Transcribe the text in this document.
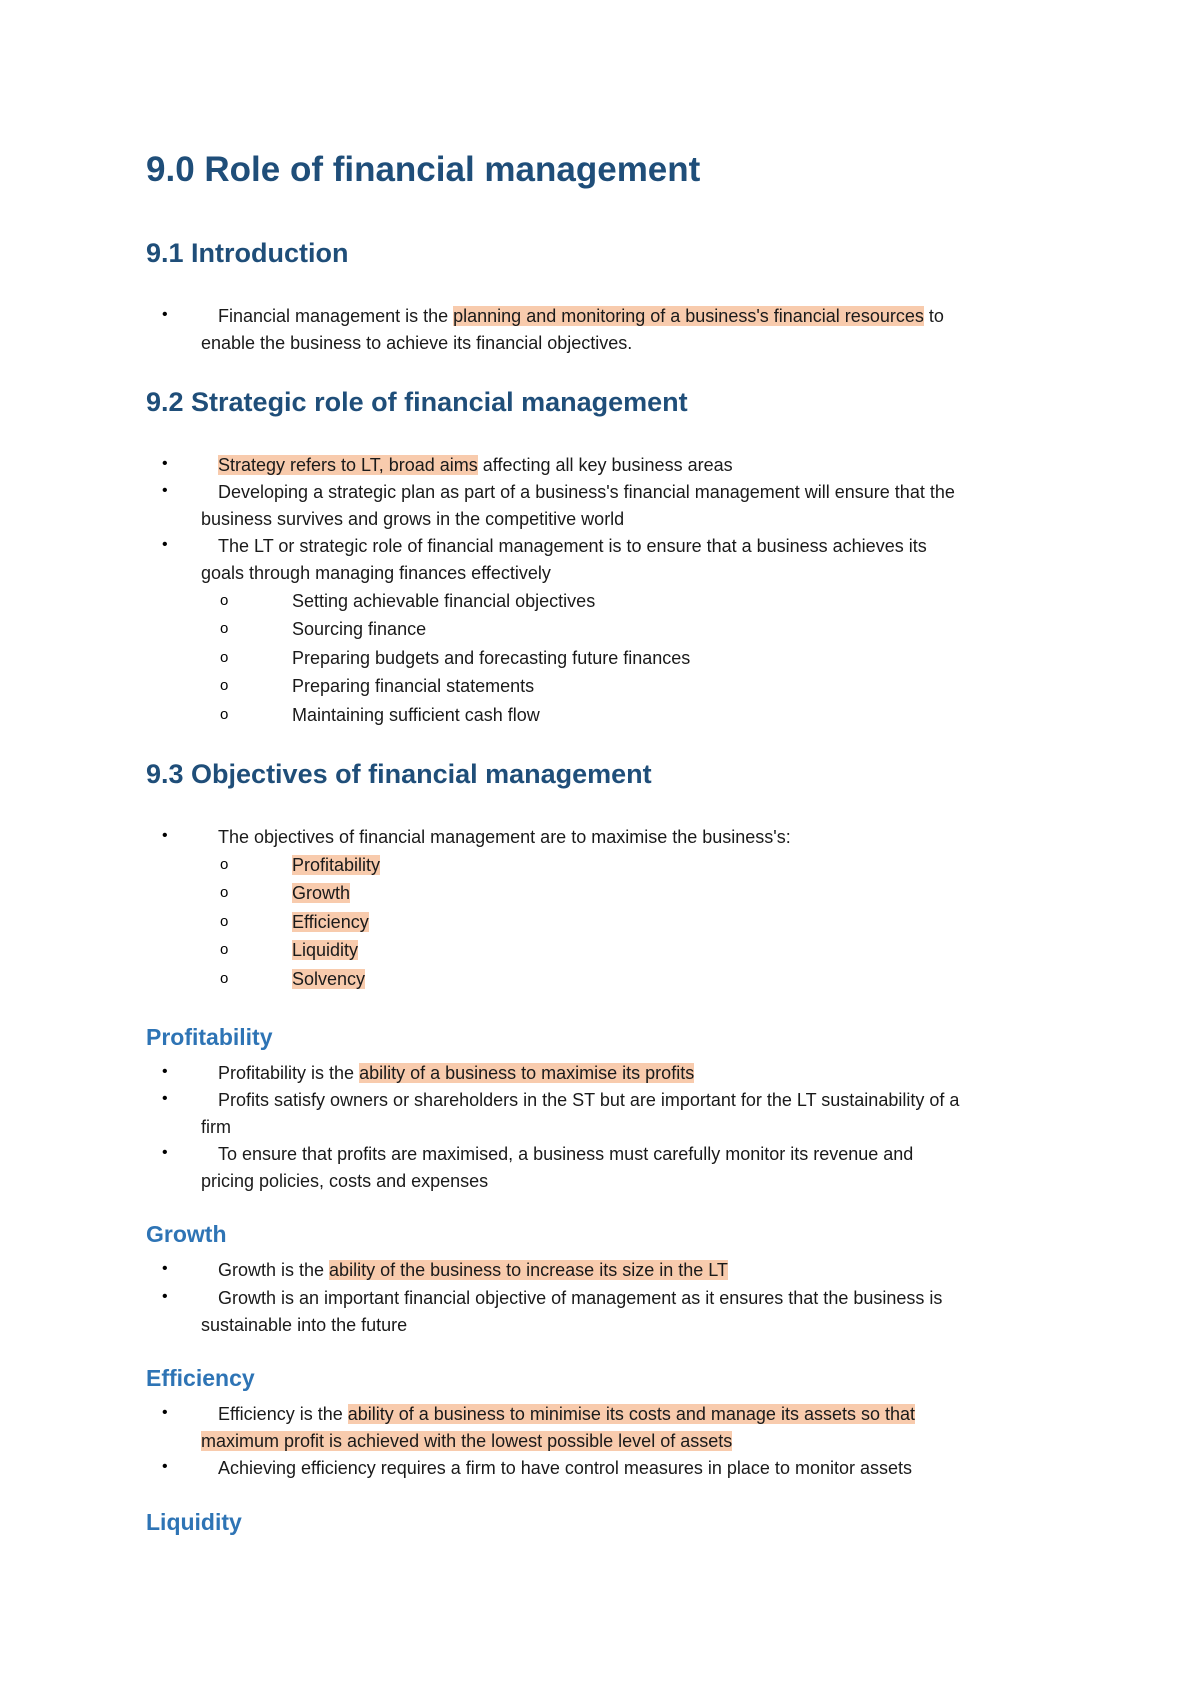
9.0 Role of financial management
9.1 Introduction
•	Financial management is the planning and monitoring of a business's financial resources to
enable the business to achieve its financial objectives.
9.2 Strategic role of financial management
•	Strategy refers to LT, broad aims affecting all key business areas
•	Developing a strategic plan as part of a business's financial management will ensure that the
business survives and grows in the competitive world
•	The LT or strategic role of financial management is to ensure that a business achieves its
goals through managing finances effectively
o	Setting achievable financial objectives
o	Sourcing finance
o	Preparing budgets and forecasting future finances
o	Preparing financial statements
o	Maintaining sufficient cash flow
9.3 Objectives of financial management
•	The objectives of financial management are to maximise the business's:
o	Profitability
o	Growth
o	Efficiency
o	Liquidity
o	Solvency
Profitability
•	Profitability is the ability of a business to maximise its profits
•	Profits satisfy owners or shareholders in the ST but are important for the LT sustainability of a
firm
•	To ensure that profits are maximised, a business must carefully monitor its revenue and
pricing policies, costs and expenses
Growth
•	Growth is the ability of the business to increase its size in the LT
•	Growth is an important financial objective of management as it ensures that the business is
sustainable into the future
Efficiency
•	Efficiency is the ability of a business to minimise its costs and manage its assets so that
maximum profit is achieved with the lowest possible level of assets
•	Achieving efficiency requires a firm to have control measures in place to monitor assets
Liquidity
